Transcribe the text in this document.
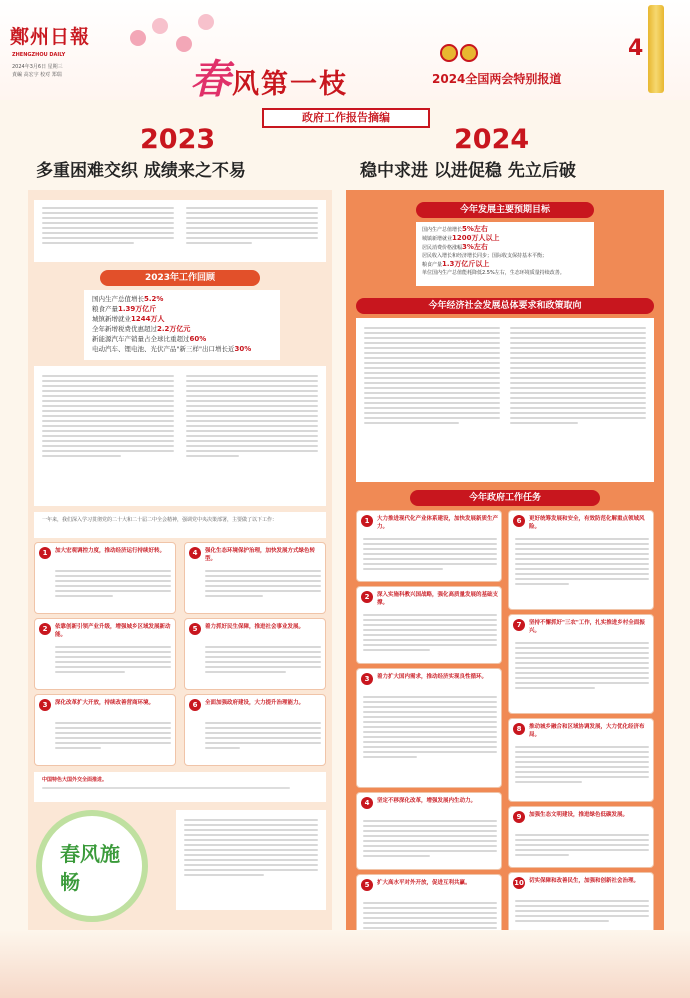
鄭州日報
ZHENGZHOU DAILY
2024年3月6日 星期三
責編 高宏宇 校对 郑瑞	春风第一枝	2024全国两会特别报道
4
政府工作报告摘编
2023
多重困难交织 成绩来之不易
2024
稳中求进 以进促稳 先立后破
2023年工作回顾
国内生产总值增长5.2%
粮食产量1.39万亿斤
城镇新增就业1244万人
全年新增税费优惠超过2.2万亿元
新能源汽车产销量占全球比重超过60%
电动汽车、锂电池、光伏产品"新三样"出口增长近30%
一年来，我们深入学习贯彻党的二十大和二十届二中全会精神，强调党中央决策部署，主要做了以下工作：
1	加大宏观调控力度，推动经济运行持续好转。
2	依靠创新引领产业升级，增强城乡区域发展新动能。
3	深化改革扩大开放，持续改善营商环境。
4	强化生态环境保护治理，加快发展方式绿色转型。
5	着力抓好民生保障，推进社会事业发展。
6	全面加强政府建设，大力提升治理能力。
中国特色大国外交全面推进。
春风施畅
今年发展主要预期目标
国内生产总值增长5%左右
城镇新增就业1200万人以上
居民消费价格涨幅3%左右
居民收入增长和经济增长同步；国际收支保持基本平衡；
粮食产量1.3万亿斤以上
单位国内生产总值能耗降低2.5%左右，生态环境质量持续改善。
今年经济社会发展总体要求和政策取向
今年政府工作任务
1	大力推进现代化产业体系建设，加快发展新质生产力。
2	深入实施科教兴国战略，强化高质量发展的基础支撑。
3	着力扩大国内需求，推动经济实现良性循环。
4	坚定不移深化改革，增强发展内生动力。
5	扩大高水平对外开放，促进互利共赢。
6	更好统筹发展和安全，有效防范化解重点领域风险。
7	坚持不懈抓好"三农"工作，扎实推进乡村全面振兴。
8	推动城乡融合和区域协调发展，大力优化经济布局。
9	加强生态文明建设，推进绿色低碳发展。
10 切实保障和改善民生，加强和创新社会治理。
